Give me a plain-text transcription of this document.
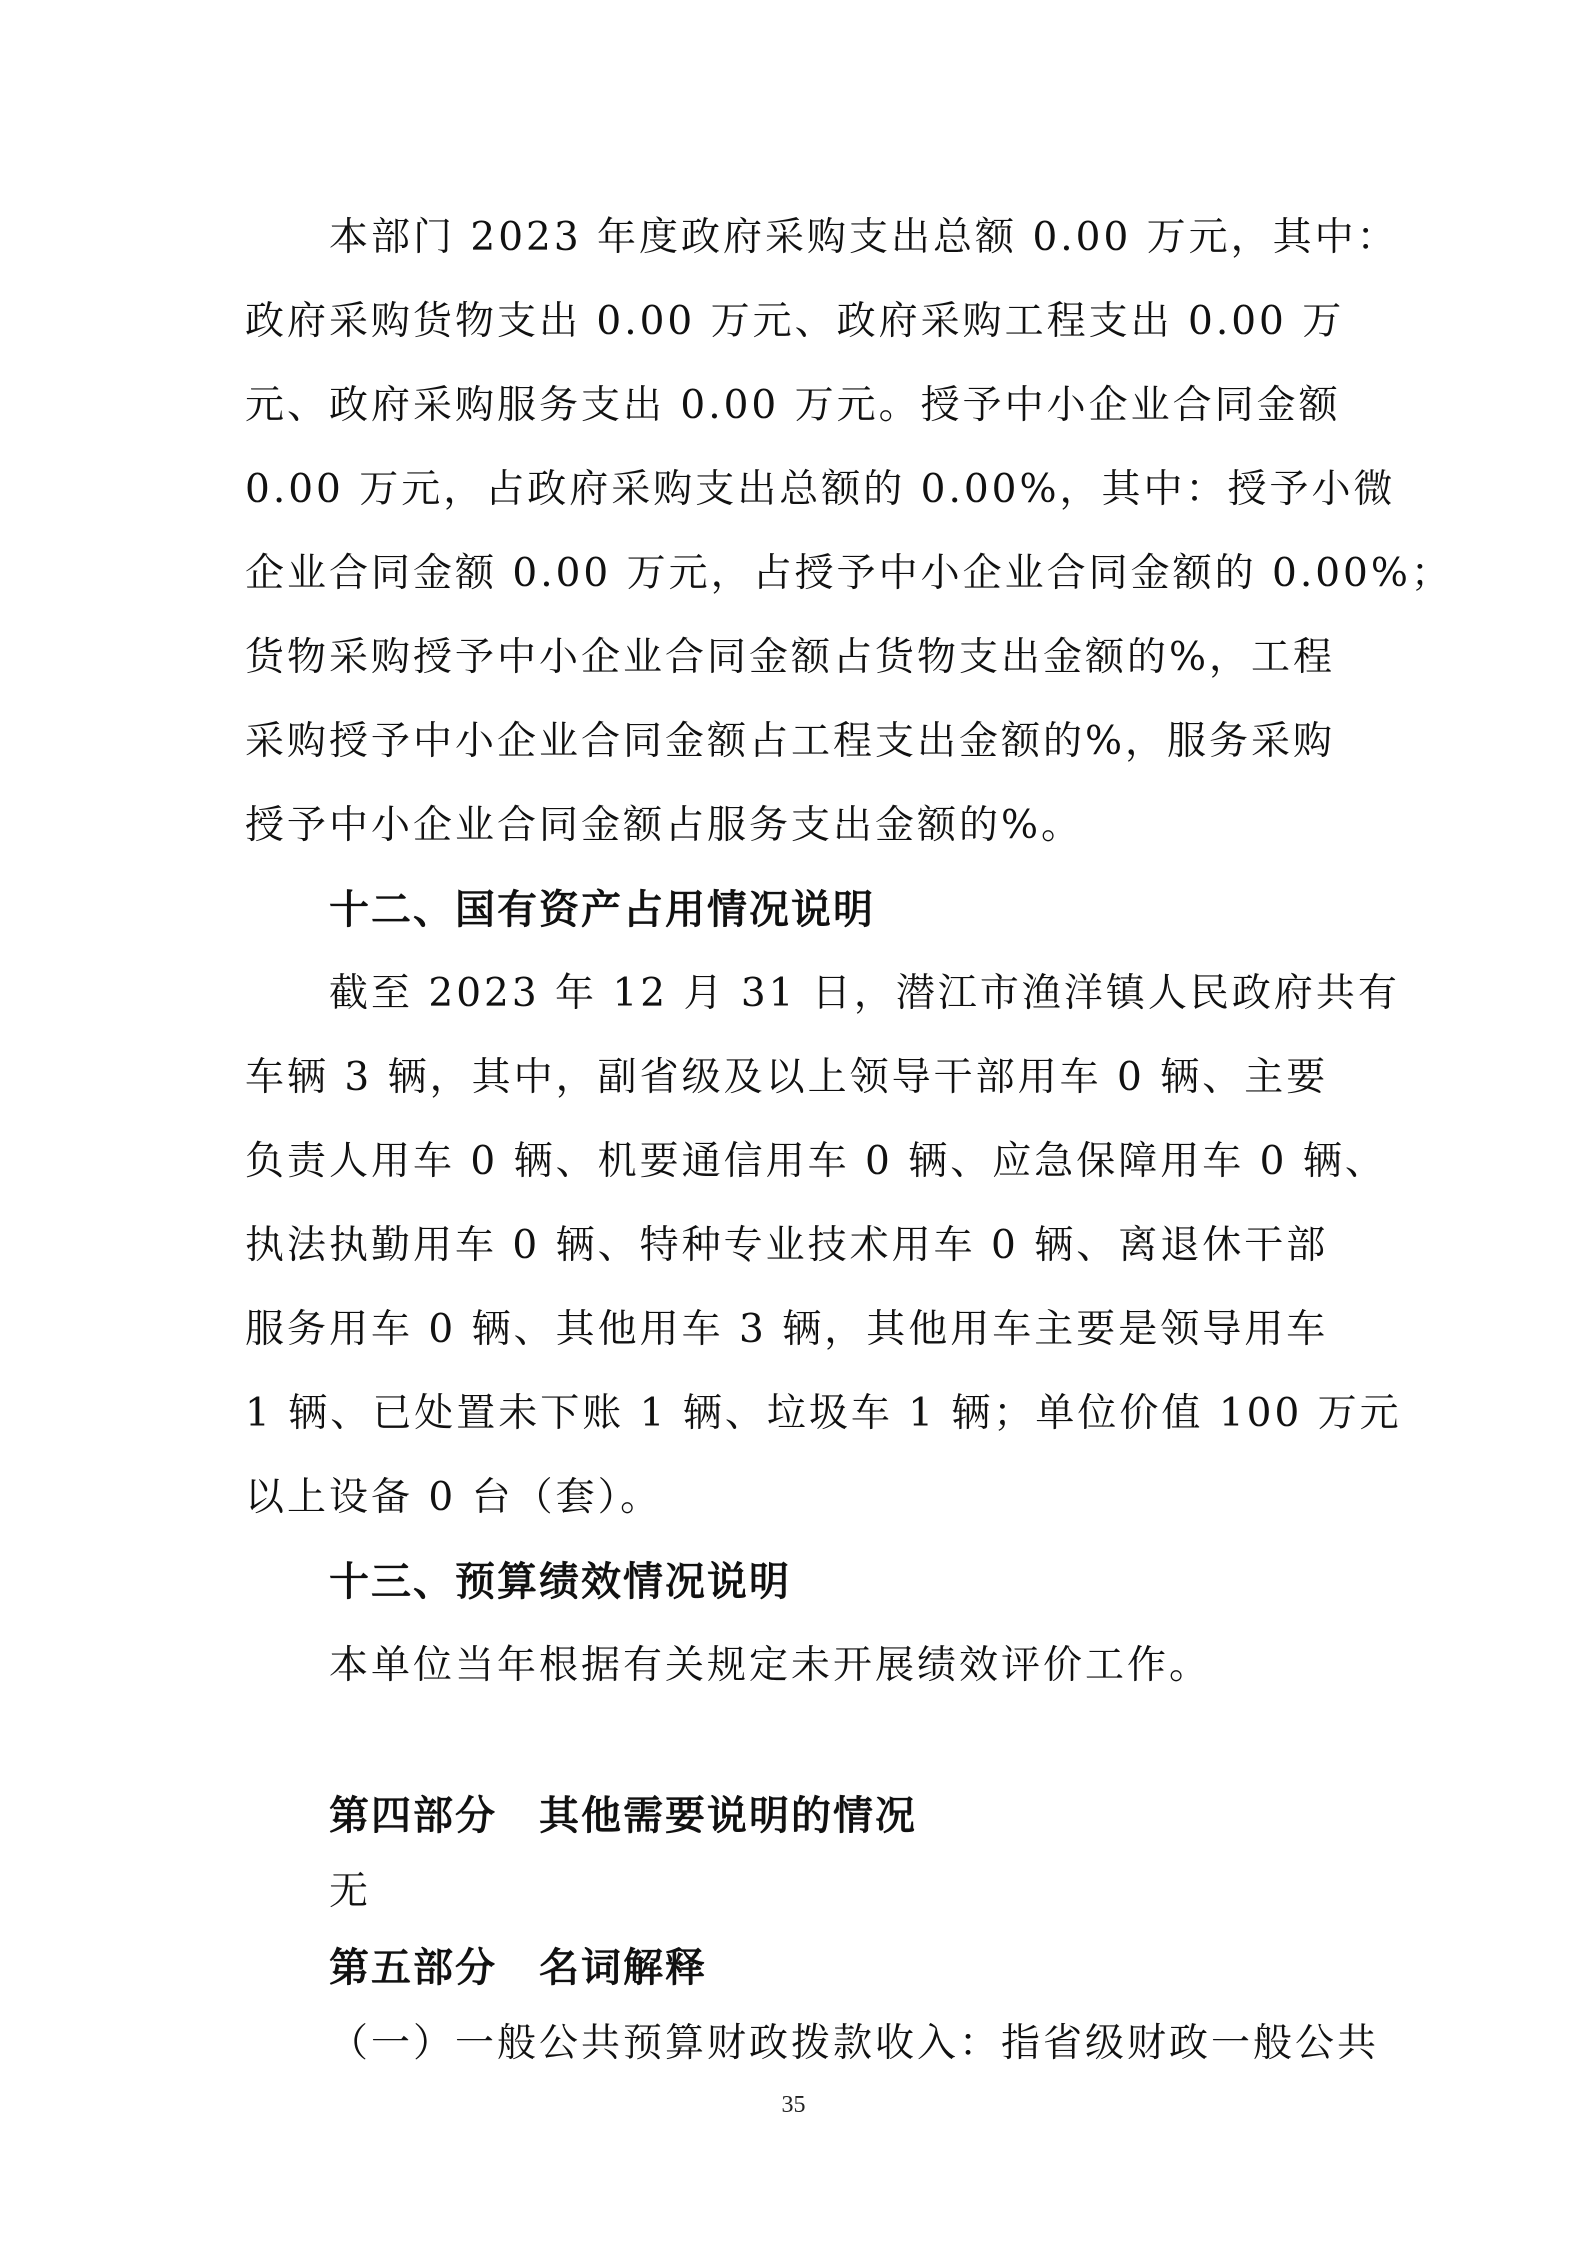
本部门 2023 年度政府采购支出总额 0.00 万元，其中：
政府采购货物支出 0.00 万元、政府采购工程支出 0.00 万
元、政府采购服务支出 0.00 万元。授予中小企业合同金额
0.00 万元，占政府采购支出总额的 0.00%，其中：授予小微
企业合同金额 0.00 万元，占授予中小企业合同金额的 0.00%；
货物采购授予中小企业合同金额占货物支出金额的%，工程
采购授予中小企业合同金额占工程支出金额的%，服务采购
授予中小企业合同金额占服务支出金额的%。
十二、国有资产占用情况说明
截至 2023 年 12 月 31 日，潜江市渔洋镇人民政府共有
车辆 3 辆，其中，副省级及以上领导干部用车 0 辆、主要
负责人用车 0 辆、机要通信用车 0 辆、应急保障用车 0 辆、
执法执勤用车 0 辆、特种专业技术用车 0 辆、离退休干部
服务用车 0 辆、其他用车 3 辆，其他用车主要是领导用车
1 辆、已处置未下账 1 辆、垃圾车 1 辆；单位价值 100 万元
以上设备 0 台（套）。
十三、预算绩效情况说明
本单位当年根据有关规定未开展绩效评价工作。
第四部分　其他需要说明的情况
无
第五部分　名词解释
（一）一般公共预算财政拨款收入：指省级财政一般公共
35
